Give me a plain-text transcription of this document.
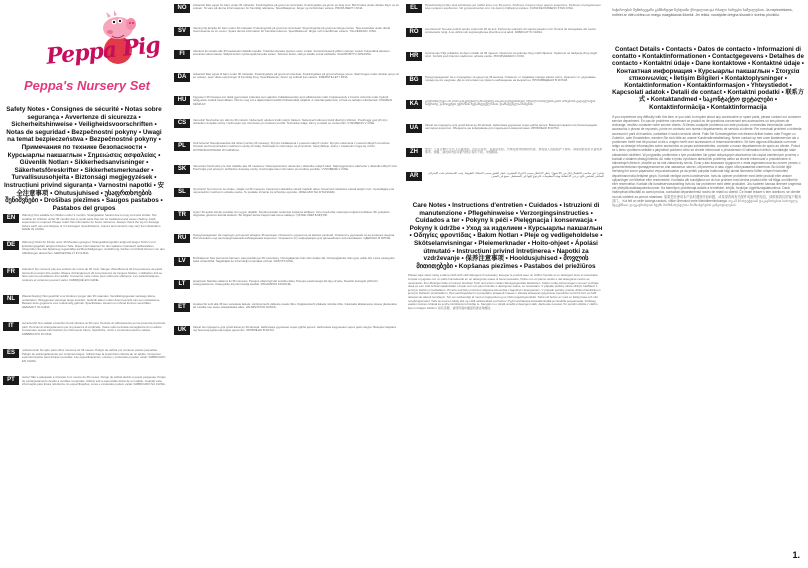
Peppa Pig
Peppa's Nursery Set
Safety Notes • Consignes de sécurité • Notas sobre segurança • Avvertenze di sicurezza • Sicherheitshinweise • Veiligheidsvoorschriften • Notas de seguridad • Bezpečnostní pokyny • Uwagi na temat bezpieczeństwa • Bezpečnostné pokyny • Примечания по технике безопасности • Курсыарлы nакшаглын • Σημειώσεις ασφαλείας • Güvenlik Notları • Sikkerhedsanvisninger • Säkerhetsföreskrifter • Sikkerhetsmerknader • Turvallisuusohjeita • Biztonsági megjegyzések • Instrucțiuni privind siguranța • Varnostni napotki • 安全注意事项 • Ohutusjuhised • უსაფრთხოების შენიშვნები • Drošības piezīmes • Saugos pastabos • Pastabos del grupos
EN	Warning! Not suitable for children under 3 months. Strangulation hazard due to long cord and stroller. Not suitable for children under 36 months due to small parts that can be swallowed and cause choking. Adult supervision is required. Please retain this information for future reference. Always check the toy for damage before each use and dispose of it if damaged. Specifications, colours and contents may vary from illustration. MADE IN CHINA.
DE	Warnung! Nicht für Kinder unter 36 Monaten geeignet. Strangulationsgefahr aufgrund langer Schnur und Erstickungsgefahr aufgrund kleiner Teile. Diese Informationen für den späteren Gebrauch aufbewahren. Überprüfen Sie das Spielzeug regelmäßig auf Beschädigungen. Ausführung, Farben und Inhalt können von den Abbildungen abweichen. HERGESTELLT IN CHINA.
FR	Attention! Ne convient pas aux enfants de moins de 36 mois. Danger d'étouffement dû à la présence de petits éléments pouvant être avalés. Risque d'étranglement dû à la présence de longues ficelles. L'utilisation doit se faire sous la surveillance d'un adulte. Conserver cette notice pour référence ultérieure. Les caractéristiques, couleurs et contenus peuvent varier. FABRIQUÉ EN CHINE.
NL	Waarschuwing! Niet geschikt voor kinderen jonger dan 36 maanden. Verstikkingsgevaar vanwege kleine onderdelen. Wurggevaar vanwege lange koorden. Gebruik alleen onder direct toezicht van een volwassene. Bewaar deze gegevens voor toekomstig gebruik. Specificaties, kleuren en inhoud kunnen verschillen. GEMAAKT IN CHINA.
IT	Avvertenza! Non adatto a bambini di età inferiore ai 36 mesi. Pericolo di soffocamento per la presenza di piccole parti. Pericolo di strangolamento per la presenza di cordicelle. Usare sotto la diretta sorveglianza di un adulto. Conservare queste informazioni per riferimento futuro. Specifiche, colori e contenuti possono variare. FABBRICATO IN CINA.
ES	¡Advertencia! No apto para niños menores de 36 meses. Peligro de asfixia por contener piezas pequeñas. Peligro de estrangulamiento por cordones largos. Utilizar bajo la supervisión directa de un adulto. Conservar esta información para futuras consultas. Las especificaciones, colores y contenidos pueden variar. FABRICADO EN CHINA.
PT	Aviso! Não é adequado a crianças com menos de 36 meses. Perigo de asfixia devido a peças pequenas. Perigo de estrangulamento devido a cordões compridos. Utilizar sob a supervisão direta de um adulto. Guardar esta informação para futura referência. As especificações, cores e conteúdos podem variar. FABRICADO NA CHINA.
NO	Advarsel! Ikke egnet for barn under 36 måneder. Kvelningsfare på grunn av små deler. Kvelningsfare på grunn av lang snor. Bør brukes under direkte tilsyn av en voksen. Ta vare på denne informasjonen for fremtidig referanse. Spesifikasjoner, farger og innhold kan variere. PRODUSERT I KINA.
SV	Varning! Ej lämplig för barn under 36 månader. Kvävningsrisk på grund av små delar. Strypningsrisk på grund av långa snören. Ska användas under direkt överinseende av en vuxen. Spara denna information för framtida referens. Specifikationer, färger och innehåll kan variera. TILLVERKAD I KINA.
FI	Varoitus! Ei sovellu alle 36 kuukauden ikäisille lapsille. Tukehtumisvaara pienten osien vuoksi. Kuristumisvaara pitkien narujen vuoksi. Käytettävä aikuisen suorassa valvonnassa. Säilytä tiedot myöhempää tarvetta varten. Tekniset tiedot, värit ja sisältö voivat vaihdella. VALMISTETTU KIINASSA.
DA	Advarsel! Ikke egnet til børn under 36 måneder. Kvælningsfare på grund af små dele. Kvælningsfare på grund af lange snore. Skal bruges under direkte opsyn af en voksen. Gem disse oplysninger til fremtidig brug. Specifikationer, farver og indhold kan variere. FREMSTILLET I KINA.
HU	Figyelem! 36 hónapos kor alatti gyermekek számára nem ajánlott. Fulladásveszély apró alkatrészek miatt. Fojtásveszély a hosszú zsinórok miatt. Felnőtt felügyelete mellett használható. Őrizze meg ezt a tájékoztatót későbbi felhasználás céljából. A műszaki jellemzők, színek és tartalom eltérhetnek. KÍNÁBAN KÉSZÜLT.
CS	Varování! Nevhodné pro děti do 36 měsíců. Nebezpečí udušení kvůli malým částem. Nebezpečí uškrcení kvůli dlouhým šňůrám. Používejte pod přímým dohledem dospělé osoby. Uschovejte tyto informace pro budoucí použití. Technické údaje, barvy a obsah se mohou lišit. VYROBENO V ČÍNĚ.
PL	Ostrzeżenie! Nieodpowiednie dla dzieci poniżej 36 miesięcy. Ryzyko zadławienia z powodu małych części. Ryzyko uduszenia z powodu długich sznurków. Używać pod bezpośrednim nadzorem osoby dorosłej. Zachować te informacje na przyszłość. Specyfikacje, kolory i zawartość mogą się różnić. WYPRODUKOWANO W CHINACH.
SK	Varovanie! Nevhodné pre deti mladšie ako 36 mesiacov. Nebezpečenstvo udusenia v dôsledku malých častí. Nebezpečenstvo uškrtenia v dôsledku dlhých šnúr. Používajte pod priamym dohľadom dospelej osoby. Uschovajte tieto informácie pre budúce použitie. VYROBENÉ V ČÍNE.
SL	Opozorilo! Ni primerno za otroke, mlajše od 36 mesecev. Nevarnost zadušitve zaradi majhnih delov. Nevarnost zadavitve zaradi dolgih vrvic. Uporabljajte pod neposrednim nadzorom odrasle osebe. Te podatke shranite za prihodnjo uporabo. IZDELANO NA KITAJSKEM.
TR	Uyarı! 36 aydan küçük çocuklar için uygun değildir. Küçük parçalar nedeniyle boğulma tehlikesi. Uzun kordonlar nedeniyle boğulma tehlikesi. Bir yetişkinin doğrudan gözetimi altında kullanın. Bu bilgileri ileride başvurmak üzere saklayın. ÇİN'DE ÜRETİLMİŞTİR.
RU	Предупреждение! Не подходит для детей младше 36 месяцев. Опасность удушья из-за мелких деталей. Опасность удушения из-за длинных шнуров. Использовать под непосредственным наблюдением взрослых. Сохраните эту информацию для дальнейшего использования. СДЕЛАНО В КИТАЕ.
LV	Brīdinājums! Nav piemērots bērniem, kas jaunāki par 36 mēnešiem. Nosmakšanas risks sīku detaļu dēļ. Nožņaugšanās risks garu auklu dēļ. Lietot pieaugušo tiešā uzraudzībā. Saglabājiet šo informāciju turpmākai uzziņai. RAŽOTS ĶĪNĀ.
LT	Įspėjimas! Netinka vaikams iki 36 mėnesių. Pavojus užspringti dėl smulkių dalių. Pavojus pasismaugti dėl ilgų virvelių. Naudoti tiesiogiai prižiūrint suaugusiesiems. Išsaugokite šią informaciją ateičiai. PAGAMINTA KINIJOJE.
ET	Hoiatus! Ei sobi alla 36 kuu vanustele lastele. Lämbumisoht väikeste osade tõttu. Kägistamisoht pikkade nööride tõttu. Kasutada täiskasvanu otsese järelevalve all. Hoidke see teave edaspidiseks alles. VALMISTATUD HIINAS.
UK	Увага! Не підходить для дітей віком до 36 місяців. Небезпека удушення через дрібні деталі. Небезпека задушення через довгі шнури. Використовувати під безпосереднім наглядом дорослих. ЗРОБЛЕНО В КИТАЇ.
EL	Προειδοποίηση! Δεν είναι κατάλληλο για παιδιά κάτω των 36 μηνών. Κίνδυνος πνιγμού λόγω μικρών κομματιών. Κίνδυνος στραγγαλισμού λόγω μακριών κορδονιών. Να χρησιμοποιείται υπό την άμεση επίβλεψη ενηλίκου. ΚΑΤΑΣΚΕΥΑΣΜΕΝΟ ΣΤΗΝ ΚΙΝΑ.
RO	Avertisment! Nu este potrivit pentru copiii sub 36 de luni. Pericol de sufocare din cauza pieselor mici. Pericol de strangulare din cauza cordoanelor lungi. A se utiliza sub supravegherea directă a unui adult. FABRICAT ÎN CHINA.
HR	Upozorenje! Nije prikladno za djecu mlađu od 36 mjeseci. Opasnost od gušenja zbog malih dijelova. Opasnost od davljenja zbog dugih vrpci. Koristiti pod izravnim nadzorom odrasle osobe. PROIZVEDENO U KINI.
BG	Предупреждение! Не е подходящо за деца под 36 месеца. Опасност от задавяне поради малки части. Опасност от удушаване поради дълги шнурове. Да се използва под прякото наблюдение на възрастен. ПРОИЗВЕДЕНО В КИТАЙ.
KA	გაფრთხილება! არ არის განკუთვნილი 36 თვემდე ასაკის ბავშვებისთვის. წვრილი ნაწილების გამო არსებობს გადაყლაპვის საფრთხე. გამოიყენეთ უფროსის ზედამხედველობით. დამზადებულია ჩინეთში.
UA	Увага! Не підходить для дітей віком до 36 місяців. Небезпека удушення через дрібні деталі. Використовувати під безпосереднім наглядом дорослих. Збережіть цю інформацію для подальшого використання. ЗРОБЛЕНО В КИТАЇ.
ZH	警告！不适合36个月以下儿童使用。含有小部件，有窒息危险。长绳可能导致勒颈危险。须在成人直接监护下使用。请保留此信息以备将来参考。规格、颜色和内容可能与图示有所不同。中国制造。
AR	تحذير! غير مناسب للأطفال أقل من 36 شهرًا. خطر الاختناق بسبب الأجزاء الصغيرة. خطر الخنق بسبب الأسلاك الطويلة. يجب الاستخدام تحت الإشراف المباشر لشخص بالغ. يرجى الاحتفاظ بهذه المعلومات للرجوع إليها في المستقبل. صنع في الصين.
Care Notes • Instructions d'entretien • Cuidados • Istruzioni di manutenzione • Pflegehinweise • Verzorgingsinstructies • Cuidados a ter • Pokyny k péči • Pielęgnacja i konserwacja • Pokyny k údržbe • Уход за изделием • Курсыарлы nакшаглын • Οδηγίες φροντίδας • Bakım Notları • Pleje og vedligeholdelse • Skötselanvisningar • Pleiemerknader • Hoito-ohjeet • Ápolási útmutató • Instrucțiuni privind întreținerea • Napotki za vzdrževanje • 保养注意事项 • Hooldusjuhised • მოვლის მითითებები • Kopšanas piezīmes • Pastabos del priežiūros
Please wipe clean using a damp cloth with mild detergent if necessary. Essuyer le produit avec un chiffon humide et un détergent doux si nécessaire. Limpiar el juguete con un paño humedecido en un detergente suave si fuera necesario. Pulire con un panno umido e del detergente neutro se necessario. Zum Reinigen bitte mit einem feuchten Tuch und einem milden Reinigungsmittel abwischen. Indien nodig schoonvegen met een vochtige doek en een mild schoonmaakmiddel. Limpar com um pano húmido e detergente suave, se necessário. V případě potřeby otřete vlhkým hadříkem s jemným čisticím prostředkem. W razie potrzeby przetrzeć wilgotną ściereczką z łagodnym detergentem. V prípade potreby pretrite vlhkou handričkou s jemným čistiacim prostriedkom. При необходимости протирайте влажной тканью с мягким моющим средством. Gerekirse nemli bir bez ve hafif deterjan ile silerek temizleyin. Tør om nødvendigt af med en fugtig klud og et mildt rengøringsmiddel. Torka vid behov av med en fuktig trasa och milt rengöringsmedel. Tørk av med en fuktig klut og mildt vaskemiddel ved behov. Pyyhi tarvittaessa kostealla liinalla ja miedolla pesuaineella. Szükség esetén nedves ruhával és enyhe tisztítószerrel törölje le. Ștergeți cu o cârpă umedă și detergent slab, dacă este necesar. Po potrebi očistite z vlažno krpo in blagim čistilom. 如有需要，请使用湿布蘸温和清洁剂擦拭。
საჭიროების შემთხვევაში გაწმინდეთ ნესტიანი ქსოვილით და რბილი სარეცხი საშუალებით. Ja nepieciešams, notīriet ar mitru drānu un maigu mazgāšanas līdzekli. Jei reikia, nuvalykite drėgna šluoste ir švelniu plovikliu.
Contact Details • Contacts • Datos de contacto • Informazioni di contatto • Kontaktinformationen • Contactgegevens • Detalhes de contacto • Kontaktní údaje • Dane kontaktowe • Kontaktné údaje • Контактная информация • Курсыарлы nакшаглын • Στοιχεία επικοινωνίας • İletişim Bilgileri • Kontaktoplysninger • Kontaktinformation • Kontaktinformasjon • Yhteystiedot • Kapcsolati adatok • Detalii de contact • Kontaktni podatki • 联系方式 • Kontaktandmed • საკონტაქტო დეტალები • Kontaktinformācija • Kontaktinformacija
If you experience any difficulty with this item or you wish to enquire about any accessories or spare parts, please contact our customer service department. En cas de problème concernant ce produit ou de questions concernant ses accessoires ou ses pièces de rechange, veuillez contacter notre service clients. Si tienes cualquier problema con este producto o necesitas información sobre accesorios o piezas de repuesto, ponte en contacto con nuestro departamento de servicio al cliente. Per eventuali problemi o richiesta accessori e parti di ricambio, contattare il nostro servizio clienti. Falls Sie Schwierigkeiten mit diesem Artikel haben oder Fragen zu Zubehör- oder Ersatzteilen, wenden Sie sich bitte an unsere Kundendienstabteilung. Neem contact op met onze klantenservice als u problemen heeft met dit product of als u vragen heeft over accessoires of reserveonderdelen. Se tiver alguma dificuldade com este artigo ou desejar informações sobre acessórios ou peças sobresselentes, contacte o nosso departamento de apoio ao cliente. Pokud se s tímto výrobkem setkáte s jakýmikoli potížemi nebo se chcete informovat o příslušenství či náhradních dílech, kontaktujte naše zákaznické oddělení. W przypadku problemów z tym produktem lub pytań dotyczących akcesoriów lub części zamiennych prosimy o kontakt z działem obsługi klienta. Ak máte s týmto výrobkom akékoľvek problémy alebo sa chcete informovať o príslušenstve či náhradných dieloch, obráťte sa na náš zákaznícky servis. Если у вас возникли трудности с этим изделием или вы хотите узнать о дополнительных принадлежностях или запасных частях, обратитесь в наш отдел обслуживания клиентов. Bu ürünle ilgili herhangi bir sorun yaşarsanız veya aksesuarlar ya da yedek parçalar hakkında bilgi almak isterseniz lütfen müşteri hizmetleri departmanımızla iletişime geçin. Kontakt venligst vores kundeservice, hvis du oplever problemer med dette produkt eller ønsker oplysninger om tilbehør eller reservedele. Kontakta vår kundtjänst om du har problem med denna produkt eller vill fråga om tillbehör eller reservdelar. Kontakt vår kundeserviceavdeling hvis du har problemer med dette produktet. Jos tuotteen kanssa ilmenee ongelmia, ota yhteyttä asiakaspalveluumme. Ha bármilyen problémája adódik a termékkel, kérjük, forduljon ügyfélszolgálatunkhoz. Dacă întâmpinați dificultăți cu acest produs, contactați departamentul nostru de relații cu clienții. Če imate težave s tem izdelkom, se obrnite na naš oddelek za pomoč strankam. 如果您在使用本产品时遇到任何问题，或希望咨询有关配件或备件的信息，请联系我们的客户服务部门。 Kui teil on selle tootega raskusi, võtke ühendust meie klienditeenindusega. თუ ამ პროდუქტთან დაკავშირებით სირთულე შეგექმნათ, დაუკავშირდით ჩვენს მომხმარებელთა მომსახურების განყოფილებას.
1.
